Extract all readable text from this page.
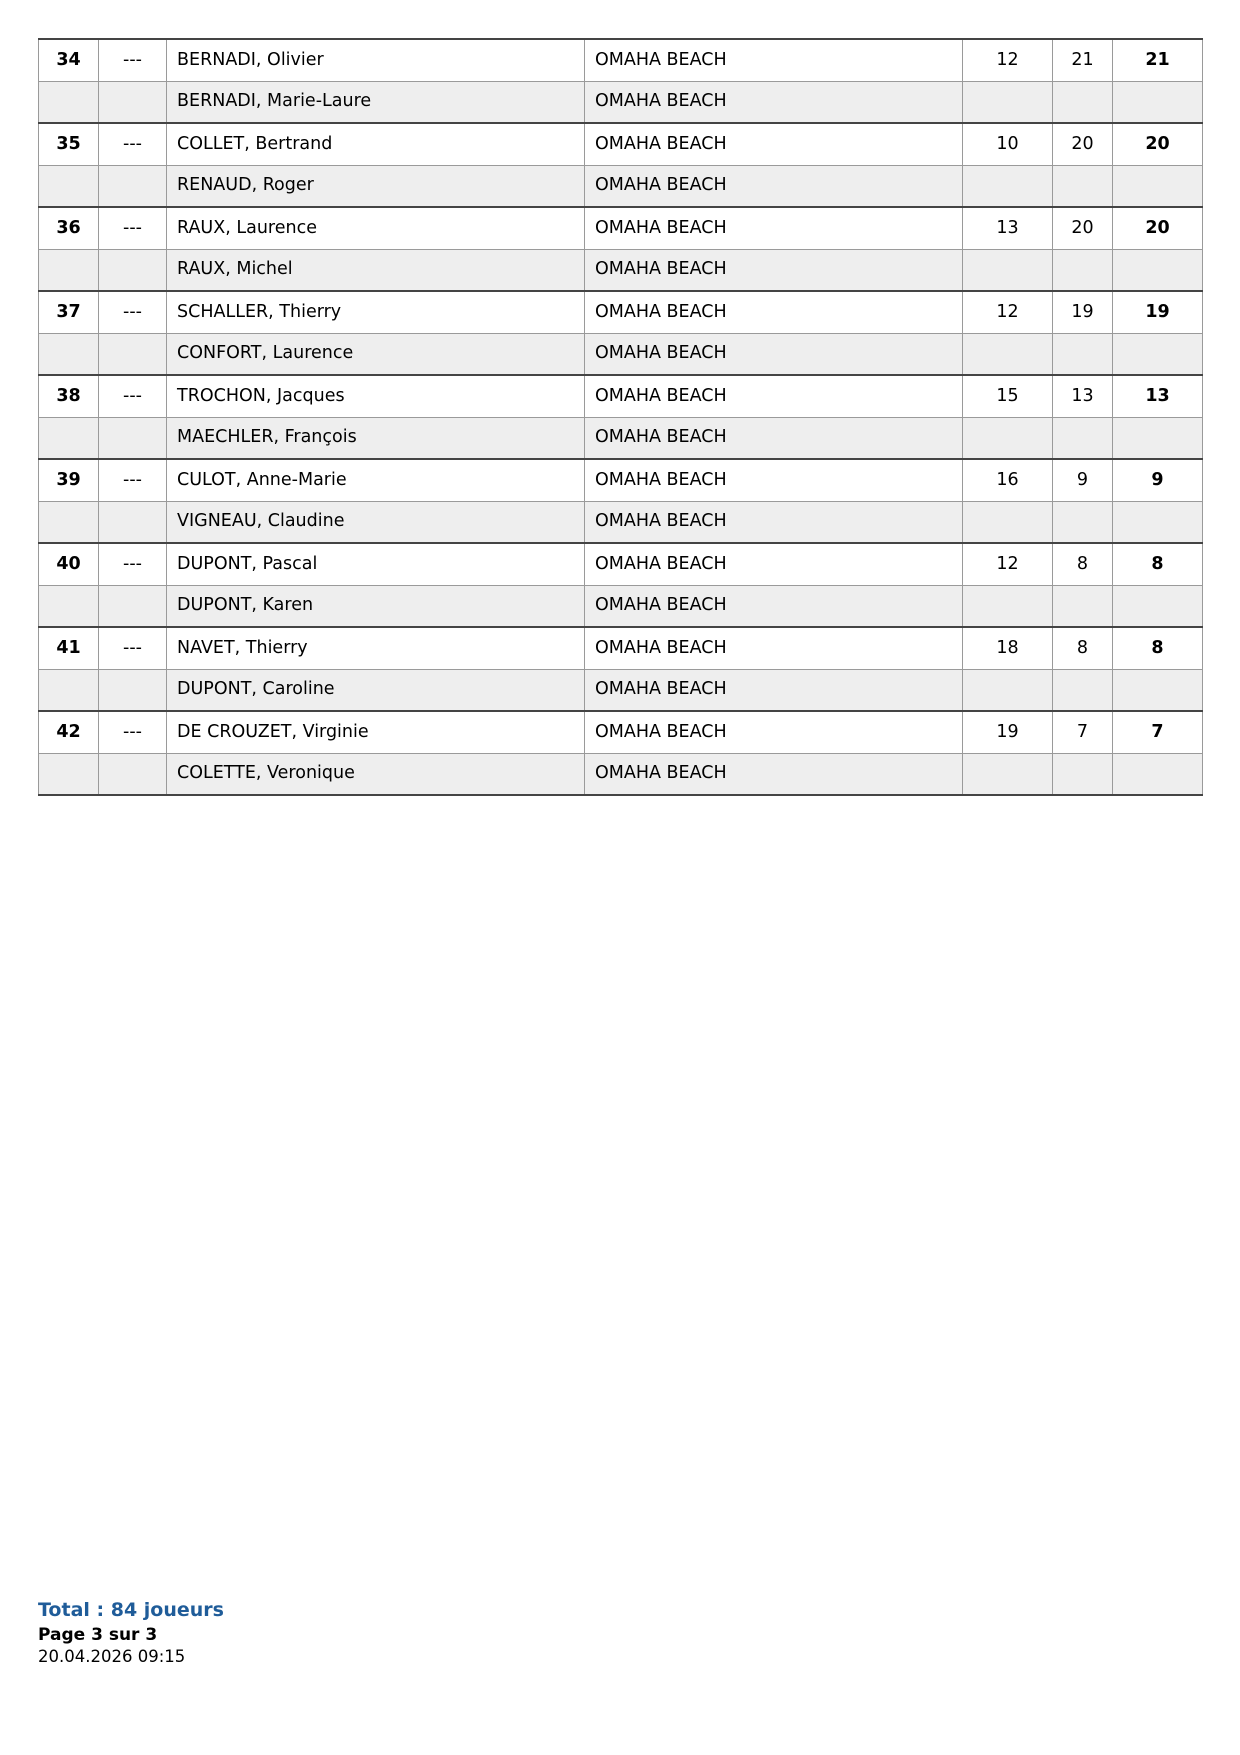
34	---	BERNADI, Olivier	OMAHA BEACH	12	21	21
		BERNADI, Marie-Laure	OMAHA BEACH			
35	---	COLLET, Bertrand	OMAHA BEACH	10	20	20
		RENAUD, Roger	OMAHA BEACH			
36	---	RAUX, Laurence	OMAHA BEACH	13	20	20
		RAUX, Michel	OMAHA BEACH			
37	---	SCHALLER, Thierry	OMAHA BEACH	12	19	19
		CONFORT, Laurence	OMAHA BEACH			
38	---	TROCHON, Jacques	OMAHA BEACH	15	13	13
		MAECHLER, François	OMAHA BEACH			
39	---	CULOT, Anne-Marie	OMAHA BEACH	16	9	9
		VIGNEAU, Claudine	OMAHA BEACH			
40	---	DUPONT, Pascal	OMAHA BEACH	12	8	8
		DUPONT, Karen	OMAHA BEACH			
41	---	NAVET, Thierry	OMAHA BEACH	18	8	8
		DUPONT, Caroline	OMAHA BEACH			
42	---	DE CROUZET, Virginie	OMAHA BEACH	19	7	7
		COLETTE, Veronique	OMAHA BEACH			
Total : 84 joueurs
Page 3 sur 3
20.04.2026 09:15
